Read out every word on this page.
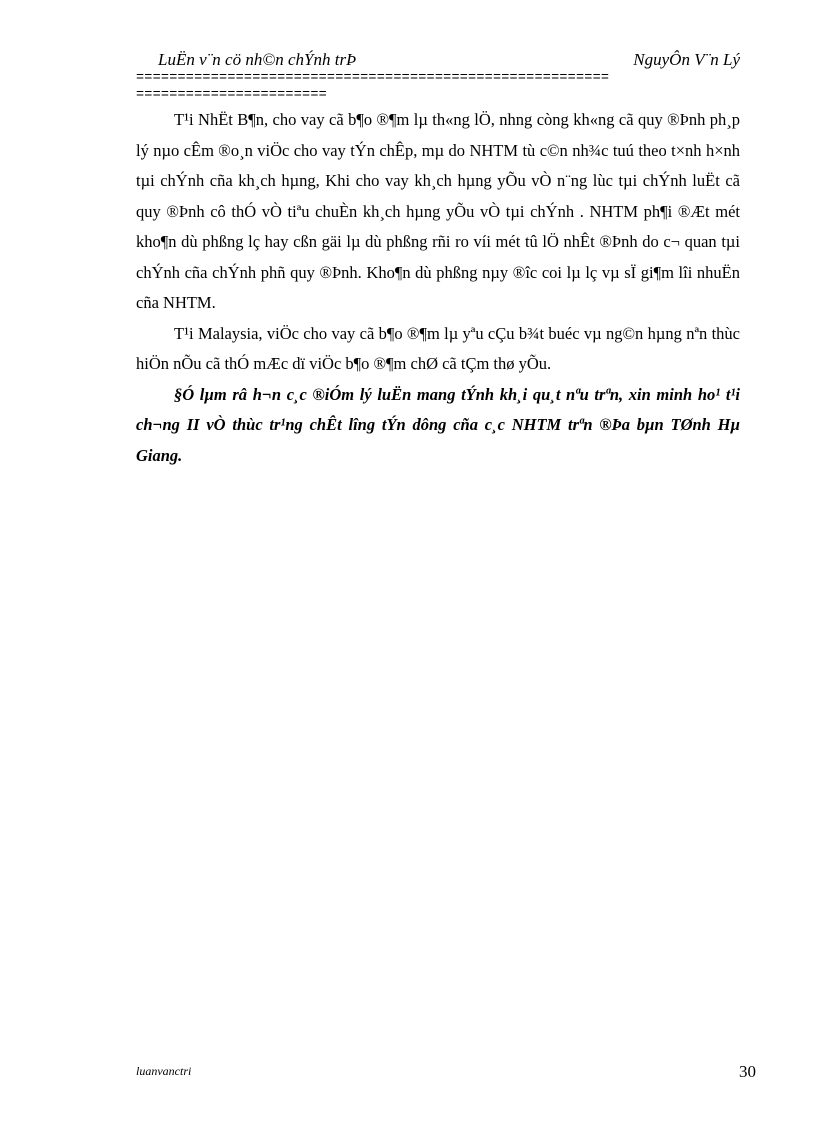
LuËn v¨n cö nh©n chÝnh trÞ	NguyÔn V¨n Lý
=========================================================
=======================

T¹i NhËt B¶n, cho vay cã b¶o ®¶m lµ th«ng lÖ, nhng còng kh«ng cã quy ®Þnh ph¸p lý nµo cÊm ®o¸n viÖc cho vay tÝn chÊp, mµ do NHTM tù c©n nh¾c tuú theo t×nh h×nh tµi chÝnh cña kh¸ch hµng, Khi cho vay kh¸ch hµng yÕu vÒ n¨ng lùc tµi chÝnh luËt cã quy ®Þnh cô thÓ vÒ tiªu chuÈn kh¸ch hµng yÕu vÒ tµi chÝnh . NHTM ph¶i ®Æt mét kho¶n dù phßng lç hay cßn gäi lµ dù phßng rñi ro víi mét tû lÖ nhÊt ®Þnh do c¬ quan tµi chÝnh cña chÝnh phñ quy ®Þnh. Kho¶n dù phßng nµy ®îc coi lµ lç vµ sÏ gi¶m lîi nhuËn cña NHTM.

T¹i Malaysia, viÖc cho vay cã b¶o ®¶m lµ yªu cÇu b¾t buéc vµ ng©n hµng nªn thùc hiÖn nÕu cã thÓ mÆc dï viÖc b¶o ®¶m chØ cã tÇm thø yÕu.

§Ó lµm râ h¬n c¸c ®iÓm lý luËn mang tÝnh kh¸i qu¸t nªu trªn, xin minh ho¹ t¹i ch¬ng II vÒ thùc tr¹ng chÊt lîng tÝn dông cña c¸c NHTM trªn ®Þa bµn TØnh Hµ Giang.

luanvanctri	30
